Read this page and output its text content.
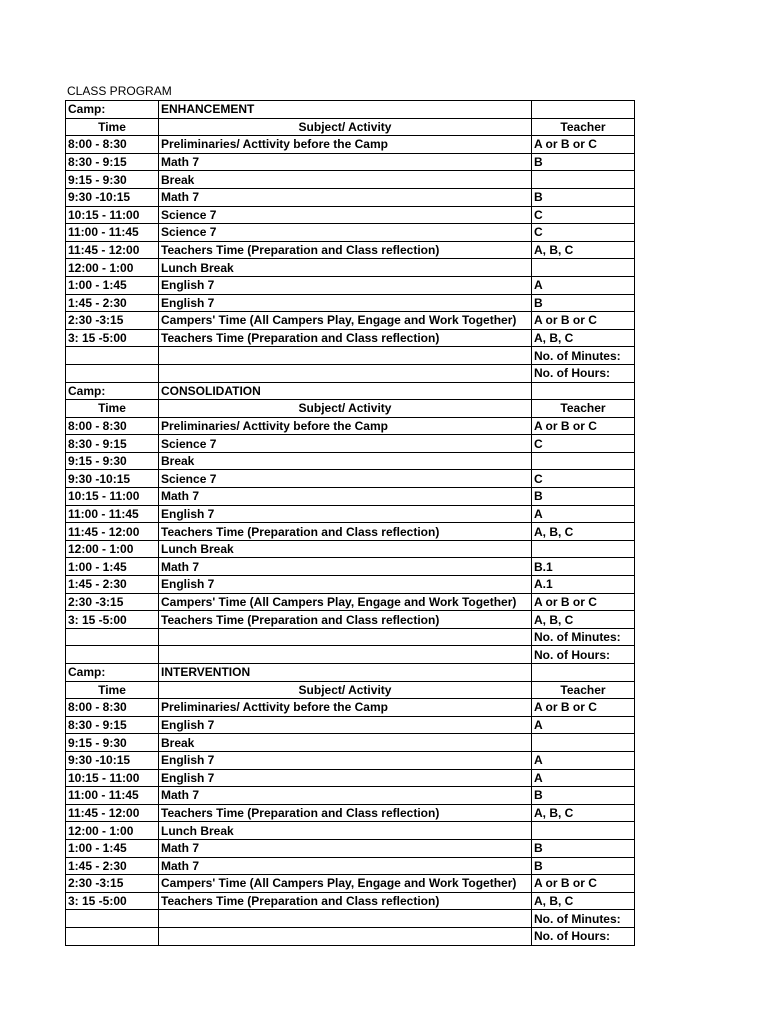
CLASS PROGRAM
Camp:	ENHANCEMENT	
Time	Subject/ Activity	Teacher
8:00 - 8:30	Preliminaries/ Acttivity before the Camp	A or B or C
8:30 - 9:15	Math 7	B
9:15 - 9:30	Break	
9:30 -10:15	Math 7	B
10:15 - 11:00	Science 7	C
11:00 - 11:45	Science 7	C
11:45 - 12:00	Teachers Time (Preparation and Class reflection)	A, B, C
12:00 - 1:00	Lunch Break	
1:00 - 1:45	English 7	A
1:45 - 2:30	English 7	B
2:30 -3:15	Campers' Time (All Campers Play, Engage and Work Together)	A or B or C
3: 15 -5:00	Teachers Time (Preparation and Class reflection)	A, B, C
		No. of Minutes:
		No. of Hours:
Camp:	CONSOLIDATION	
Time	Subject/ Activity	Teacher
8:00 - 8:30	Preliminaries/ Acttivity before the Camp	A or B or C
8:30 - 9:15	Science 7	C
9:15 - 9:30	Break	
9:30 -10:15	Science 7	C
10:15 - 11:00	Math 7	B
11:00 - 11:45	English 7	A
11:45 - 12:00	Teachers Time (Preparation and Class reflection)	A, B, C
12:00 - 1:00	Lunch Break	
1:00 - 1:45	Math 7	B.1
1:45 - 2:30	English 7	A.1
2:30 -3:15	Campers' Time (All Campers Play, Engage and Work Together)	A or B or C
3: 15 -5:00	Teachers Time (Preparation and Class reflection)	A, B, C
		No. of Minutes:
		No. of Hours:
Camp:	INTERVENTION	
Time	Subject/ Activity	Teacher
8:00 - 8:30	Preliminaries/ Acttivity before the Camp	A or B or C
8:30 - 9:15	English 7	A
9:15 - 9:30	Break	
9:30 -10:15	English 7	A
10:15 - 11:00	English 7	A
11:00 - 11:45	Math 7	B
11:45 - 12:00	Teachers Time (Preparation and Class reflection)	A, B, C
12:00 - 1:00	Lunch Break	
1:00 - 1:45	Math 7	B
1:45 - 2:30	Math 7	B
2:30 -3:15	Campers' Time (All Campers Play, Engage and Work Together)	A or B or C
3: 15 -5:00	Teachers Time (Preparation and Class reflection)	A, B, C
		No. of Minutes:
		No. of Hours:
